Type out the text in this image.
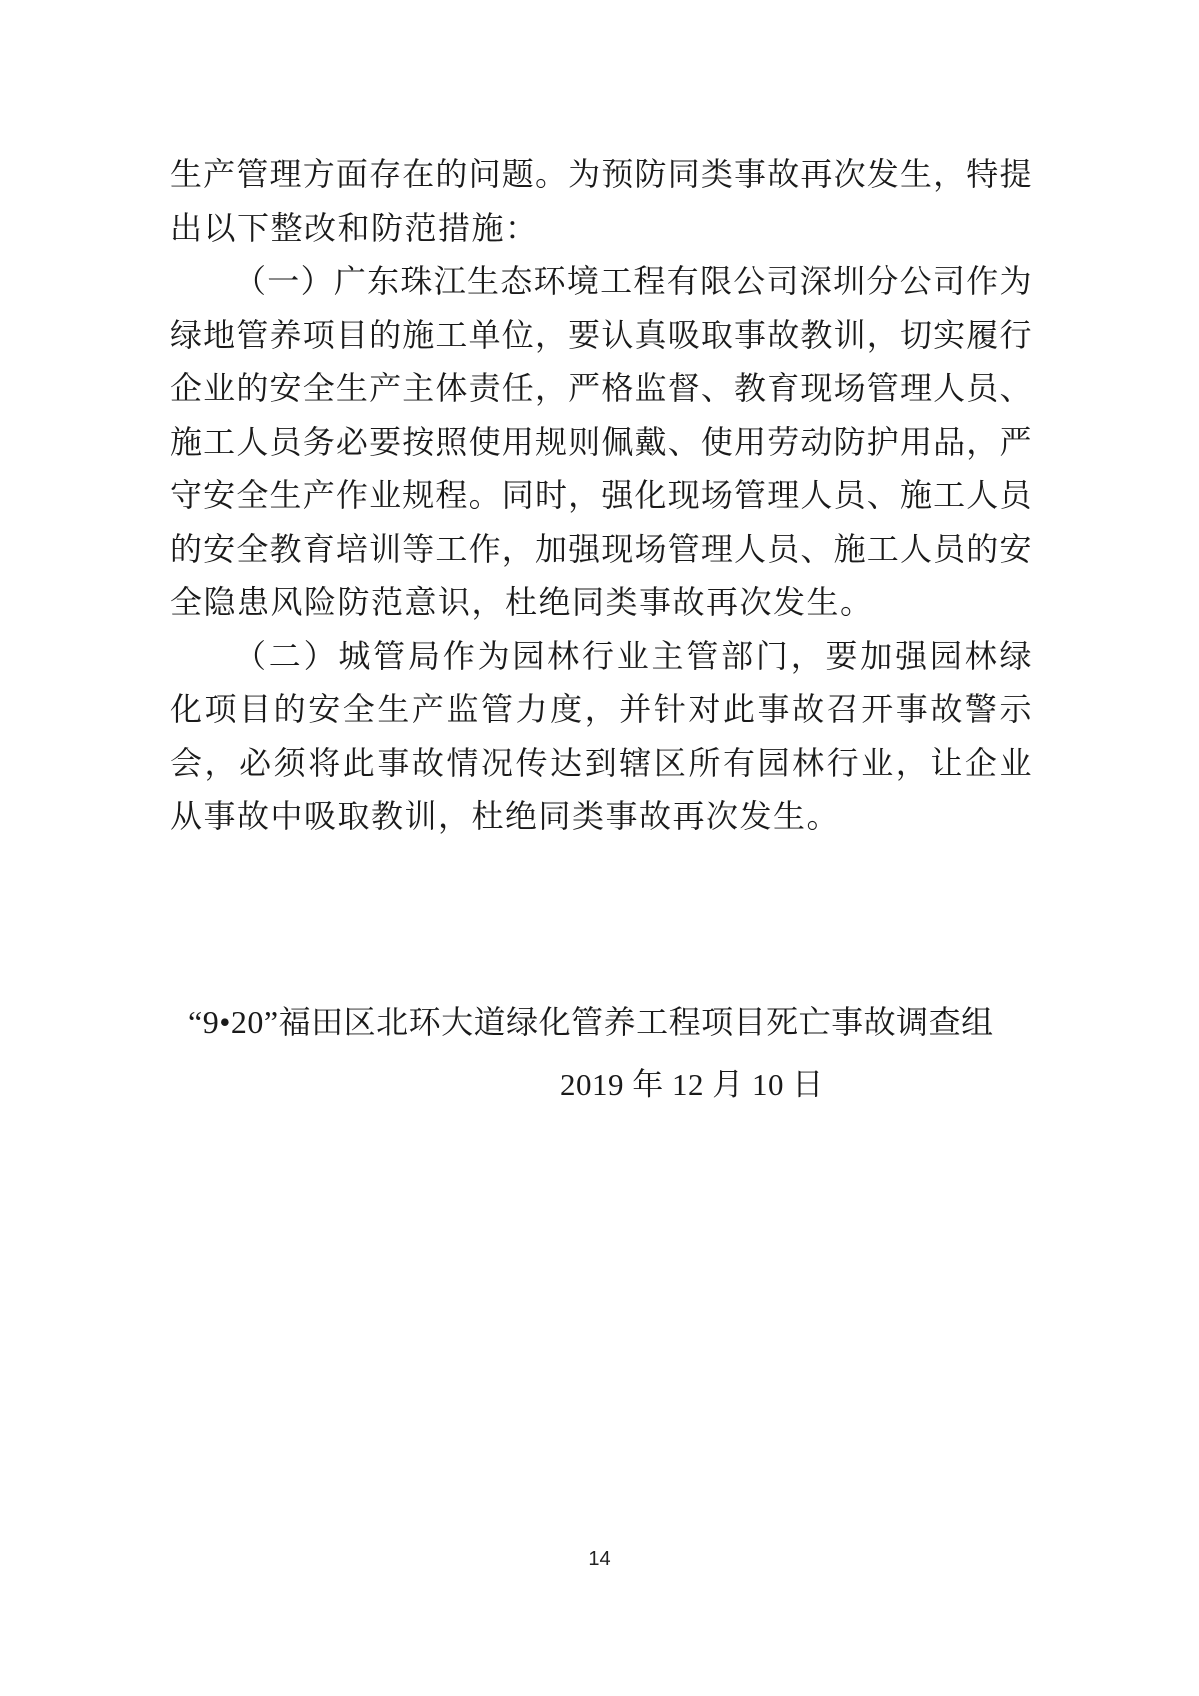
生产管理方面存在的问题。为预防同类事故再次发生，特提
出以下整改和防范措施：
（一）广东珠江生态环境工程有限公司深圳分公司作为
绿地管养项目的施工单位，要认真吸取事故教训，切实履行
企业的安全生产主体责任，严格监督、教育现场管理人员、
施工人员务必要按照使用规则佩戴、使用劳动防护用品，严
守安全生产作业规程。同时，强化现场管理人员、施工人员
的安全教育培训等工作，加强现场管理人员、施工人员的安
全隐患风险防范意识，杜绝同类事故再次发生。
（二）城管局作为园林行业主管部门，要加强园林绿
化项目的安全生产监管力度，并针对此事故召开事故警示
会，必须将此事故情况传达到辖区所有园林行业，让企业
从事故中吸取教训，杜绝同类事故再次发生。
“9•20”福田区北环大道绿化管养工程项目死亡事故调查组
2019 年 12 月 10 日
14
